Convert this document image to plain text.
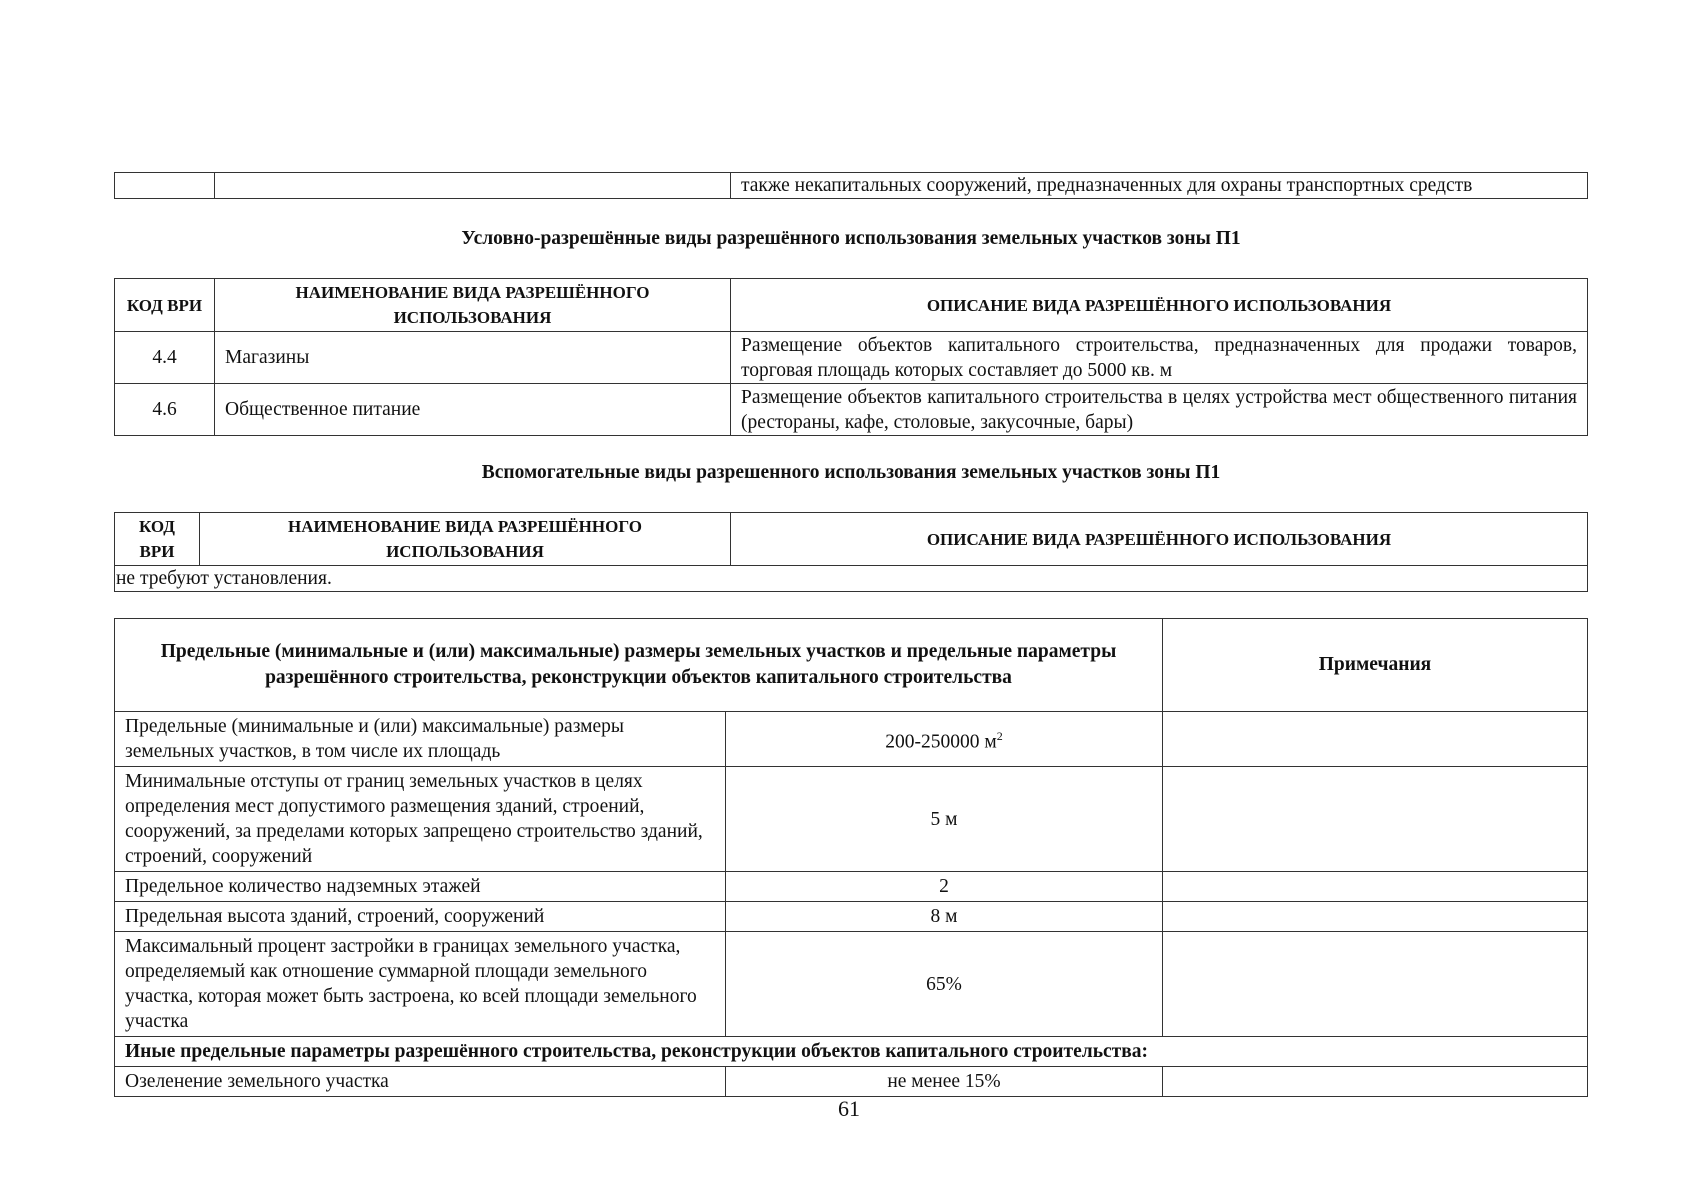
		также некапитальных сооружений, предназначенных для охраны транспортных средств
Условно-разрешённые виды разрешённого использования земельных участков зоны П1
КОД ВРИ	НАИМЕНОВАНИЕ ВИДА РАЗРЕШЁННОГО ИСПОЛЬЗОВАНИЯ	ОПИСАНИЕ ВИДА РАЗРЕШЁННОГО ИСПОЛЬЗОВАНИЯ
4.4	Магазины	Размещение объектов капитального строительства, предназначенных для продажи товаров, торговая площадь которых составляет до 5000 кв. м
4.6	Общественное питание	Размещение объектов капитального строительства в целях устройства мест общественного питания (рестораны, кафе, столовые, закусочные, бары)
Вспомогательные виды разрешенного использования земельных участков зоны П1
КОД ВРИ	НАИМЕНОВАНИЕ ВИДА РАЗРЕШЁННОГО ИСПОЛЬЗОВАНИЯ	ОПИСАНИЕ ВИДА РАЗРЕШЁННОГО ИСПОЛЬЗОВАНИЯ
не требуют установления.
Предельные (минимальные и (или) максимальные) размеры земельных участков и предельные параметры разрешённого строительства, реконструкции объектов капитального строительства		Примечания
Предельные (минимальные и (или) максимальные) размеры земельных участков, в том числе их площадь	200-250000 $м^2$	
Минимальные отступы от границ земельных участков в целях определения мест допустимого размещения зданий, строений, сооружений, за пределами которых запрещено строительство зданий, строений, сооружений	5 м	
Предельное количество надземных этажей	2	
Предельная высота зданий, строений, сооружений	8 м	
Максимальный процент застройки в границах земельного участка, определяемый как отношение суммарной площади земельного участка, которая может быть застроена, ко всей площади земельного участка	65%	
Иные предельные параметры разрешённого строительства, реконструкции объектов капитального строительства:		
Озеленение земельного участка	не менее 15%	
61
